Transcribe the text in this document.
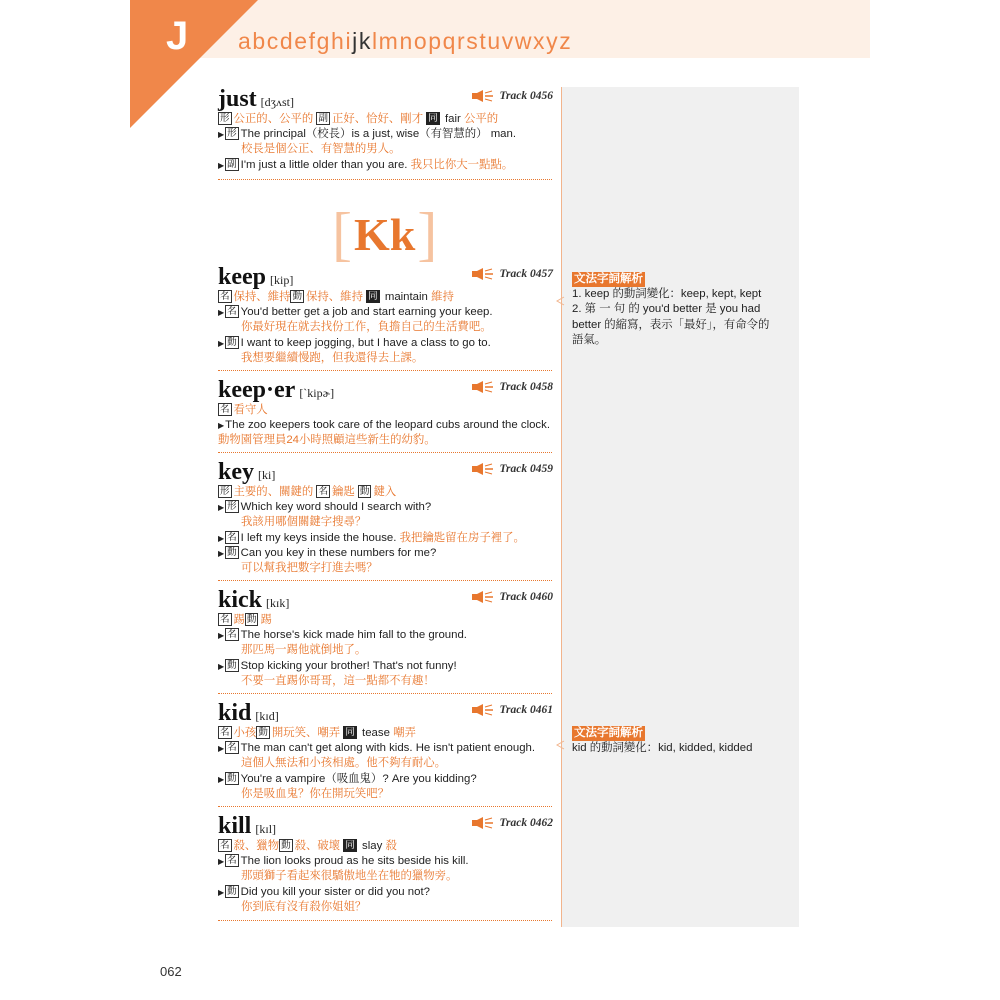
J abcdefghijklmnopqrstuvwxyz
just [dʒʌst]	Track 0456
形 公正的、公平的 副 正好、恰好、剛才 同 fair 公平的
▶ 形 The principal（校長）is a just, wise（有智慧的） man.
校長是個公正、有智慧的男人。
▶ 副 I'm just a little older than you are. 我只比你大一點點。
[ Kk ]
keep [kip]	Track 0457
名 保持、維持 動 保持、維持 同 maintain 維持
▶ 名 You'd better get a job and start earning your keep.
你最好現在就去找份工作，負擔自己的生活費吧。
▶ 動 I want to keep jogging, but I have a class to go to.
我想要繼續慢跑，但我還得去上課。
keep·er [ˋkipɚ]	Track 0458
名 看守人
▶The zoo keepers took care of the leopard cubs around the clock.
動物園管理員24小時照顧這些新生的幼豹。
key [ki]	Track 0459
形 主要的、關鍵的 名 鑰匙 動 鍵入
▶ 形 Which key word should I search with?
我該用哪個關鍵字搜尋？
▶ 名 I left my keys inside the house. 我把鑰匙留在房子裡了。
▶ 動 Can you key in these numbers for me?
可以幫我把數字打進去嗎？
kick [kɪk]	Track 0460
名 踢 動 踢
▶ 名 The horse's kick made him fall to the ground.
那匹馬一踢他就倒地了。
▶ 動 Stop kicking your brother! That's not funny!
不要一直踢你哥哥，這一點都不有趣！
kid [kɪd]	Track 0461
名 小孩 動 開玩笑、嘲弄 同 tease 嘲弄
▶ 名 The man can't get along with kids. He isn't patient enough.
這個人無法和小孩相處。他不夠有耐心。
▶ 動 You're a vampire（吸血鬼）? Are you kidding?
你是吸血鬼？你在開玩笑吧？
kill [kɪl]	Track 0462
名 殺、獵物 動 殺、破壞 同 slay 殺
▶ 名 The lion looks proud as he sits beside his kill.
那頭獅子看起來很驕傲地坐在牠的獵物旁。
▶ 動 Did you kill your sister or did you not?
你到底有沒有殺你姐姐？
文法字詞解析
1. keep 的動詞變化：keep, kept, kept
2. 第 一 句 的 you'd better 是 you had
better 的縮寫，表示「最好」，有命令的
語氣。
文法字詞解析
kid 的動詞變化：kid, kidded, kidded
062
